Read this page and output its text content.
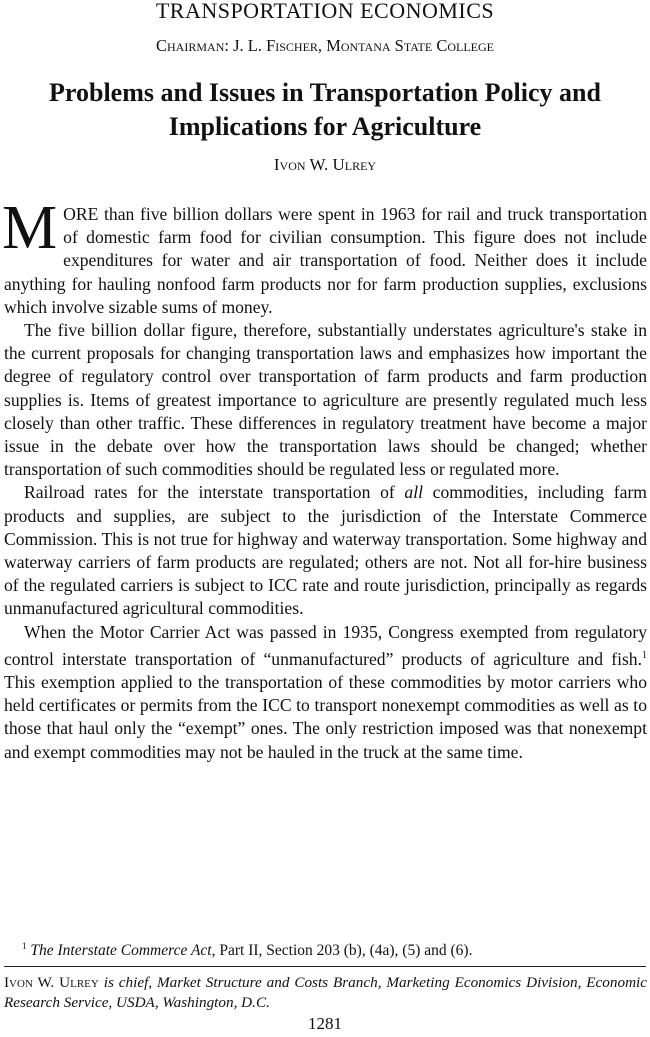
TRANSPORTATION ECONOMICS
Chairman: J. L. Fischer, Montana State College
Problems and Issues in Transportation Policy and Implications for Agriculture
Ivon W. Ulrey

MORE than five billion dollars were spent in 1963 for rail and truck transportation of domestic farm food for civilian consumption. This figure does not include expenditures for water and air transportation of food. Neither does it include anything for hauling nonfood farm products nor for farm production supplies, exclusions which involve sizable sums of money.

The five billion dollar figure, therefore, substantially understates agriculture's stake in the current proposals for changing transportation laws and emphasizes how important the degree of regulatory control over transportation of farm products and farm production supplies is. Items of greatest importance to agriculture are presently regulated much less closely than other traffic. These differences in regulatory treatment have become a major issue in the debate over how the transportation laws should be changed; whether transportation of such commodities should be regulated less or regulated more.

Railroad rates for the interstate transportation of all commodities, including farm products and supplies, are subject to the jurisdiction of the Interstate Commerce Commission. This is not true for highway and waterway transportation. Some highway and waterway carriers of farm products are regulated; others are not. Not all for-hire business of the regulated carriers is subject to ICC rate and route jurisdiction, principally as regards unmanufactured agricultural commodities.

When the Motor Carrier Act was passed in 1935, Congress exempted from regulatory control interstate transportation of “unmanufactured” products of agriculture and fish.$^1$ This exemption applied to the transportation of these commodities by motor carriers who held certificates or permits from the ICC to transport nonexempt commodities as well as to those that haul only the “exempt” ones. The only restriction imposed was that nonexempt and exempt commodities may not be hauled in the truck at the same time.

$^1$ The Interstate Commerce Act, Part II, Section 203 (b), (4a), (5) and (6).
Ivon W. Ulrey is chief, Market Structure and Costs Branch, Marketing Economics Division, Economic Research Service, USDA, Washington, D.C.
1281
